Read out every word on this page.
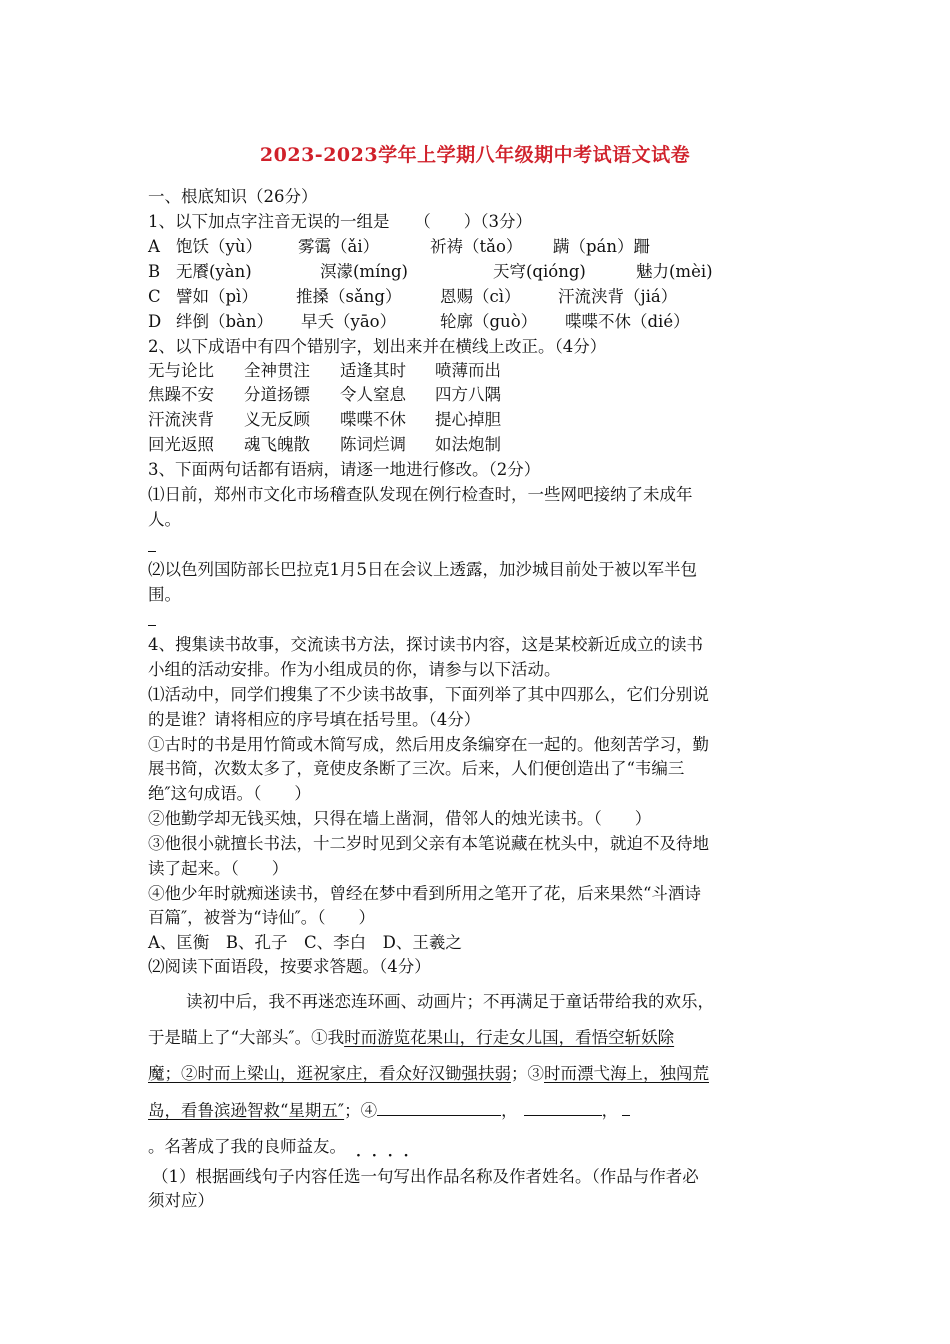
2023-2023学年上学期八年级期中考试语文试卷
一、根底知识（26分）
1、以下加点字注音无误的一组是　　（　　）（3分）
A 饱饫（yù） 雾霭（ǎi）	祈祷（tǎo） 蹒（pán）跚
B 无餍(yàn)	溟濛(míng)	天穹(qióng)	魅力(mèi)
C 譬如（pì） 推搡（sǎng） 恩赐（cì） 汗流浃背（jiá）
D 绊倒（bàn） 早夭（yāo）	轮廓（guò） 喋喋不休（dié）
2、以下成语中有四个错别字，划出来并在横线上改正。（4分）
无与论比 全神贯注 适逢其时 喷薄而出
焦躁不安 分道扬镖 令人窒息 四方八隅
汗流浃背 义无反顾 喋喋不休 提心掉胆
回光返照 魂飞魄散 陈词烂调 如法炮制
3、下面两句话都有语病，请逐一地进行修改。（2分）
⑴日前，郑州市文化市场稽查队发现在例行检查时，一些网吧接纳了未成年
人。
⑵以色列国防部长巴拉克1月5日在会议上透露，加沙城目前处于被以军半包
围。
4、搜集读书故事，交流读书方法，探讨读书内容，这是某校新近成立的读书
小组的活动安排。作为小组成员的你，请参与以下活动。
⑴活动中，同学们搜集了不少读书故事，下面列举了其中四那么，它们分别说
的是谁？请将相应的序号填在括号里。（4分）
①古时的书是用竹简或木简写成，然后用皮条编穿在一起的。他刻苦学习，勤
展书简，次数太多了，竟使皮条断了三次。后来，人们便创造出了“韦编三
绝″这句成语。（　　）
②他勤学却无钱买烛，只得在墙上凿洞，借邻人的烛光读书。（　　）
③他很小就擅长书法，十二岁时见到父亲有本笔说藏在枕头中，就迫不及待地
读了起来。（　　）
④他少年时就痴迷读书，曾经在梦中看到所用之笔开了花，后来果然“斗酒诗
百篇″，被誉为“诗仙″。（　　）
A、匡衡　B、孔子　C、李白　D、王羲之
⑵阅读下面语段，按要求答题。（4分）
读初中后，我不再迷恋连环画、动画片；不再满足于童话带给我的欢乐，
于是瞄上了“大部头″。①我时而游览花果山，行走女儿国，看悟空斩妖除
魔；②时而上梁山，逛祝家庄，看众好汉锄强扶弱；③时而漂弋海上，独闯荒
岛，看鲁滨逊智救“星期五″；④	，	，
。名著成了我的良师益友。 ····
（1）根据画线句子内容任选一句写出作品名称及作者姓名。（作品与作者必
须对应）
